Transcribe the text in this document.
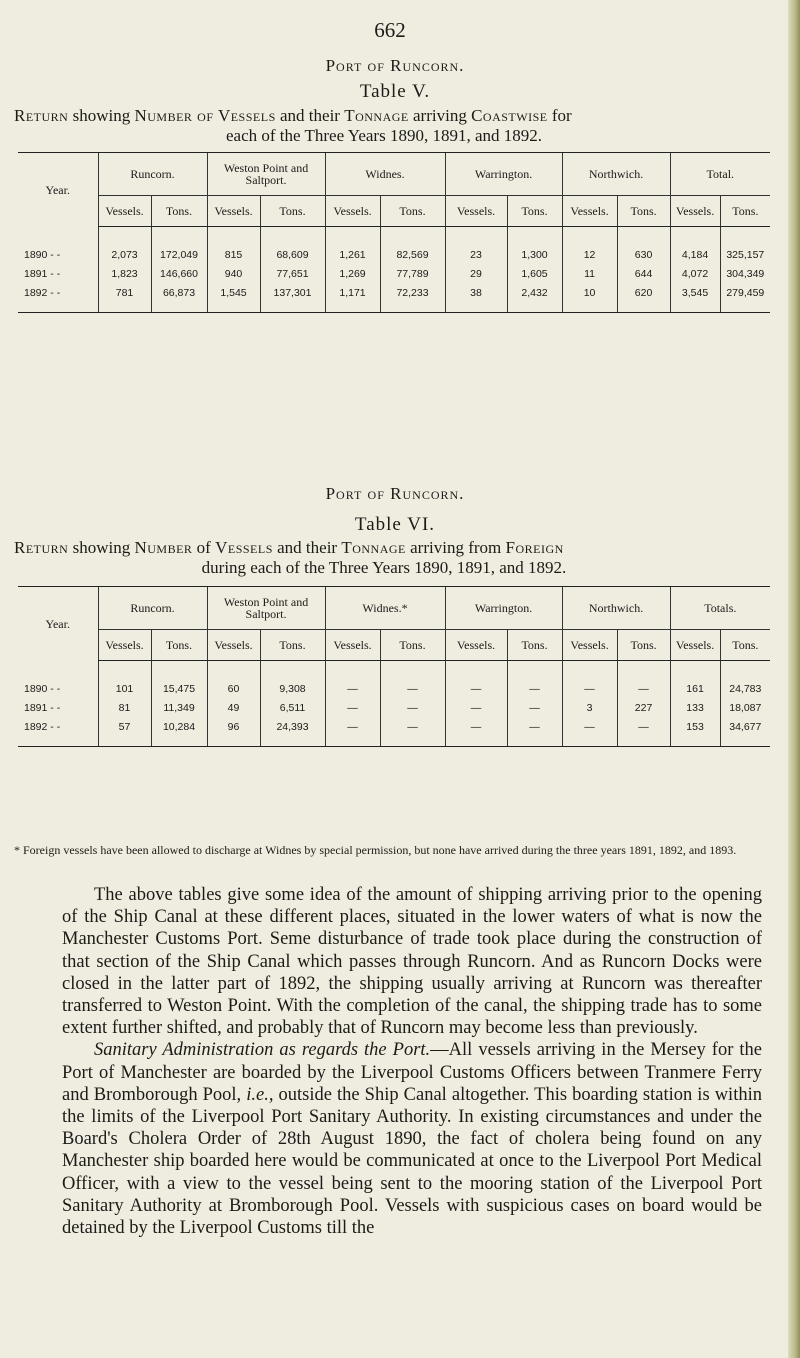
662
Port of Runcorn.
Table V.
Return showing Number of Vessels and their Tonnage arriving Coastwise for
each of the Three Years 1890, 1891, and 1892.
Year.	Runcorn.		Weston Point and Saltport.		Widnes.		Warrington.		Northwich.		Total.	
	Vessels.	Tons.	Vessels.	Tons.	Vessels.	Tons.	Vessels.	Tons.	Vessels.	Tons.	Vessels.	Tons.

1890 - -	2,073	172,049	815	68,609	1,261	82,569	23	1,300	12	630	4,184	325,157
1891 - -	1,823	146,660	940	77,651	1,269	77,789	29	1,605	11	644	4,072	304,349
1892 - -	781	66,873	1,545	137,301	1,171	72,233	38	2,432	10	620	3,545	279,459

Port of Runcorn.
Table VI.
Return showing Number of Vessels and their Tonnage arriving from Foreign
during each of the Three Years 1890, 1891, and 1892.
Year.	Runcorn.		Weston Point and Saltport.		Widnes.*		Warrington.		Northwich.		Totals.	
	Vessels.	Tons.	Vessels.	Tons.	Vessels.	Tons.	Vessels.	Tons.	Vessels.	Tons.	Vessels.	Tons.

1890 - -	101	15,475	60	9,308	—	—	—	—	—	—	161	24,783
1891 - -	81	11,349	49	6,511	—	—	—	—	3	227	133	18,087
1892 - -	57	10,284	96	24,393	—	—	—	—	—	—	153	34,677

* Foreign vessels have been allowed to discharge at Widnes by special permission, but none have arrived during the three years 1891, 1892, and 1893.

The above tables give some idea of the amount of shipping arriving prior to the opening of the Ship Canal at these different places, situated in the lower waters of what is now the Manchester Customs Port. Seme disturbance of trade took place during the construction of that section of the Ship Canal which passes through Runcorn. And as Runcorn Docks were closed in the latter part of 1892, the shipping usually arriving at Runcorn was thereafter transferred to Weston Point. With the completion of the canal, the shipping trade has to some extent further shifted, and probably that of Runcorn may become less than previously.

Sanitary Administration as regards the Port.—All vessels arriving in the Mersey for the Port of Manchester are boarded by the Liverpool Customs Officers between Tranmere Ferry and Bromborough Pool, i.e., outside the Ship Canal altogether. This boarding station is within the limits of the Liverpool Port Sanitary Authority. In existing circumstances and under the Board's Cholera Order of 28th August 1890, the fact of cholera being found on any Manchester ship boarded here would be communicated at once to the Liverpool Port Medical Officer, with a view to the vessel being sent to the mooring station of the Liverpool Port Sanitary Authority at Bromborough Pool. Vessels with suspicious cases on board would be detained by the Liverpool Customs till the
